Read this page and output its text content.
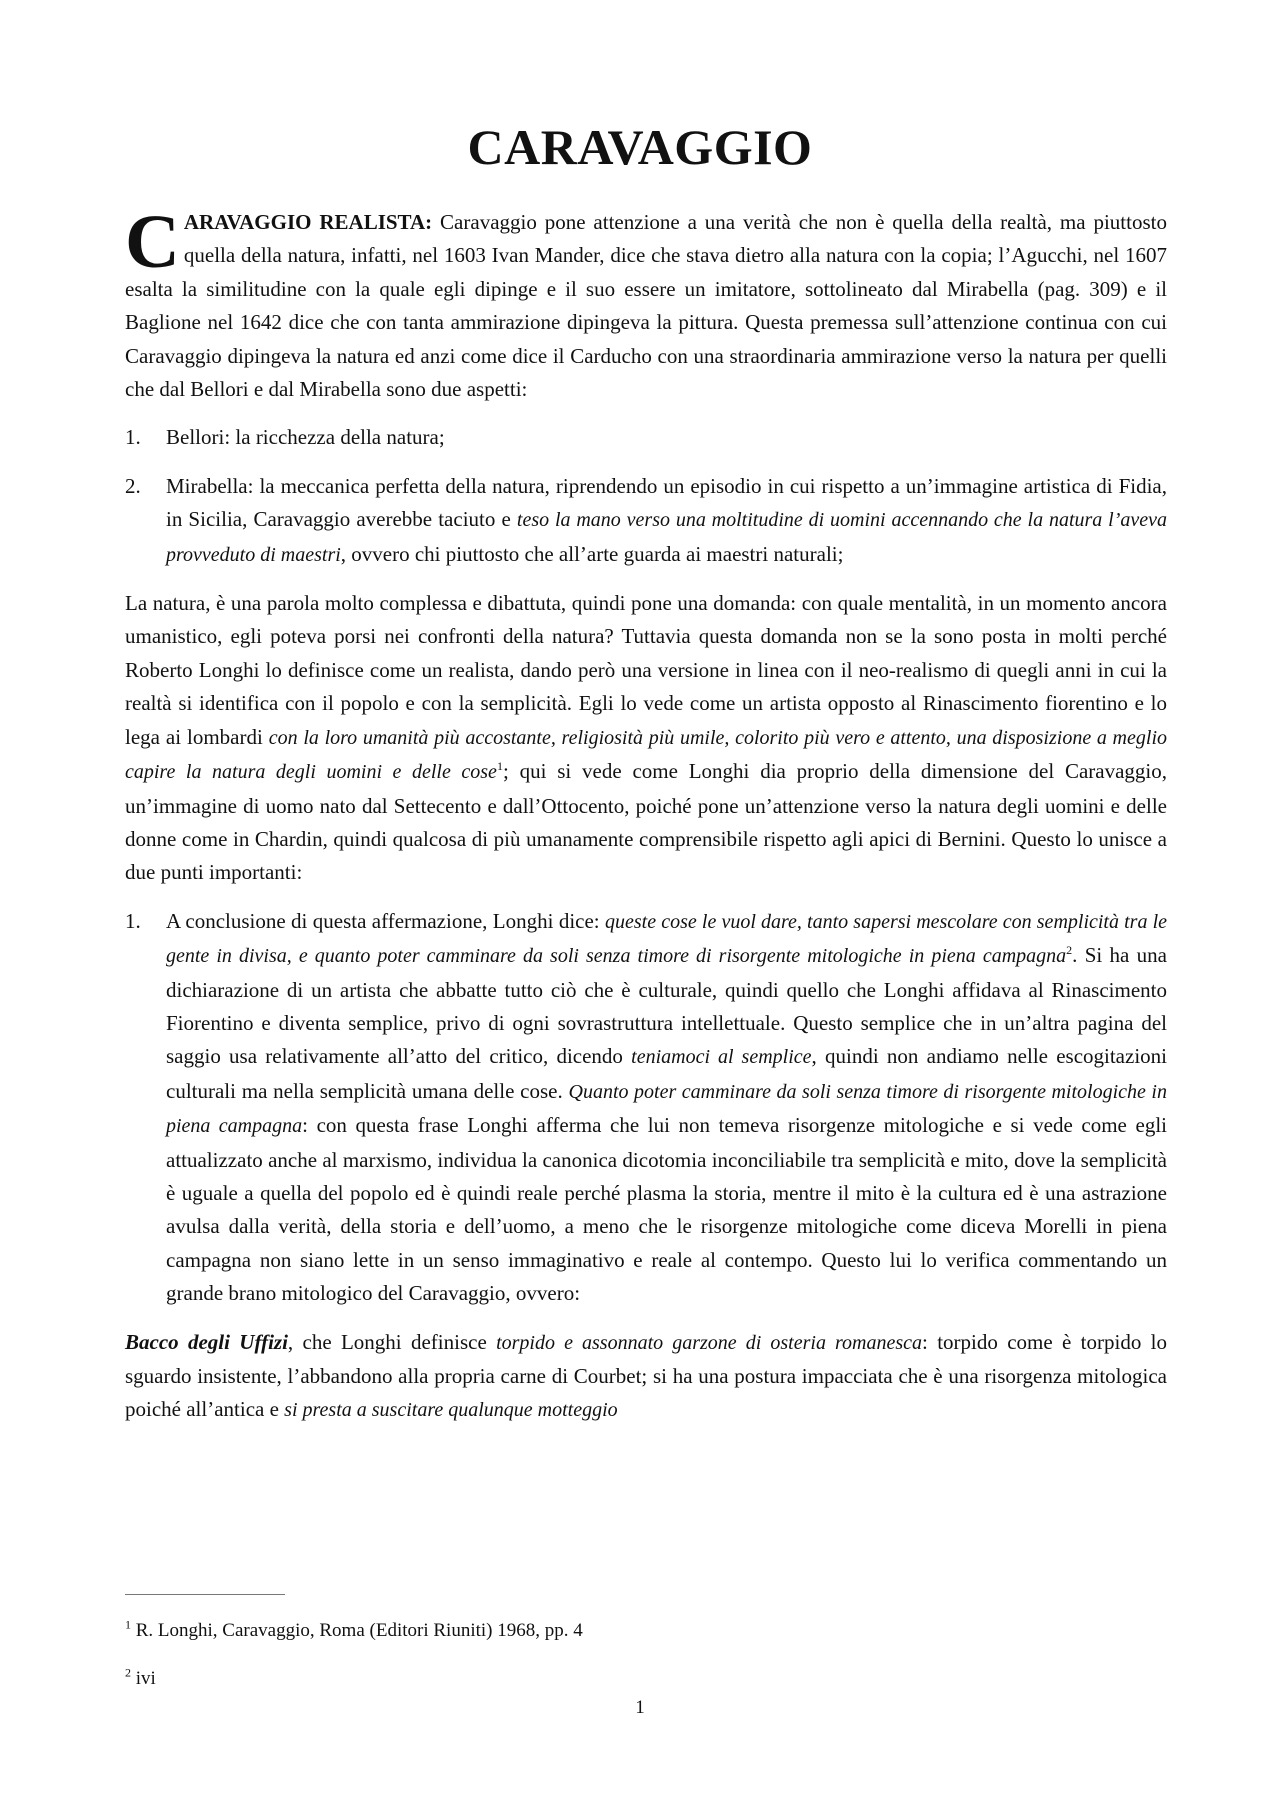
CARAVAGGIO

CARAVAGGIO REALISTA: Caravaggio pone attenzione a una verità che non è quella della realtà, ma piuttosto quella della natura, infatti, nel 1603 Ivan Mander, dice che stava dietro alla natura con la copia; l’Agucchi, nel 1607 esalta la similitudine con la quale egli dipinge e il suo essere un imitatore, sottolineato dal Mirabella (pag. 309) e il Baglione nel 1642 dice che con tanta ammirazione dipingeva la pittura. Questa premessa sull’attenzione continua con cui Caravaggio dipingeva la natura ed anzi come dice il Carducho con una straordinaria ammirazione verso la natura per quelli che dal Bellori e dal Mirabella sono due aspetti:

1. Bellori: la ricchezza della natura;
2. Mirabella: la meccanica perfetta della natura, riprendendo un episodio in cui rispetto a un’immagine artistica di Fidia, in Sicilia, Caravaggio averebbe taciuto e teso la mano verso una moltitudine di uomini accennando che la natura l’aveva provveduto di maestri, ovvero chi piuttosto che all’arte guarda ai maestri naturali;

La natura, è una parola molto complessa e dibattuta, quindi pone una domanda: con quale mentalità, in un momento ancora umanistico, egli poteva porsi nei confronti della natura? Tuttavia questa domanda non se la sono posta in molti perché Roberto Longhi lo definisce come un realista, dando però una versione in linea con il neo-realismo di quegli anni in cui la realtà si identifica con il popolo e con la semplicità. Egli lo vede come un artista opposto al Rinascimento fiorentino e lo lega ai lombardi con la loro umanità più accostante, religiosità più umile, colorito più vero e attento, una disposizione a meglio capire la natura degli uomini e delle cose$^1$; qui si vede come Longhi dia proprio della dimensione del Caravaggio, un’immagine di uomo nato dal Settecento e dall’Ottocento, poiché pone un’attenzione verso la natura degli uomini e delle donne come in Chardin, quindi qualcosa di più umanamente comprensibile rispetto agli apici di Bernini. Questo lo unisce a due punti importanti:

1. A conclusione di questa affermazione, Longhi dice: queste cose le vuol dare, tanto sapersi mescolare con semplicità tra le gente in divisa, e quanto poter camminare da soli senza timore di risorgente mitologiche in piena campagna$^2$. Si ha una dichiarazione di un artista che abbatte tutto ciò che è culturale, quindi quello che Longhi affidava al Rinascimento Fiorentino e diventa semplice, privo di ogni sovrastruttura intellettuale. Questo semplice che in un’altra pagina del saggio usa relativamente all’atto del critico, dicendo teniamoci al semplice, quindi non andiamo nelle escogitazioni culturali ma nella semplicità umana delle cose. Quanto poter camminare da soli senza timore di risorgente mitologiche in piena campagna: con questa frase Longhi afferma che lui non temeva risorgenze mitologiche e si vede come egli attualizzato anche al marxismo, individua la canonica dicotomia inconciliabile tra semplicità e mito, dove la semplicità è uguale a quella del popolo ed è quindi reale perché plasma la storia, mentre il mito è la cultura ed è una astrazione avulsa dalla verità, della storia e dell’uomo, a meno che le risorgenze mitologiche come diceva Morelli in piena campagna non siano lette in un senso immaginativo e reale al contempo. Questo lui lo verifica commentando un grande brano mitologico del Caravaggio, ovvero:

Bacco degli Uffizi, che Longhi definisce torpido e assonnato garzone di osteria romanesca: torpido come è torpido lo sguardo insistente, l’abbandono alla propria carne di Courbet; si ha una postura impacciata che è una risorgenza mitologica poiché all’antica e si presta a suscitare qualunque motteggio

$^1$ R. Longhi, Caravaggio, Roma (Editori Riuniti) 1968, pp. 4
$^2$ ivi
1
